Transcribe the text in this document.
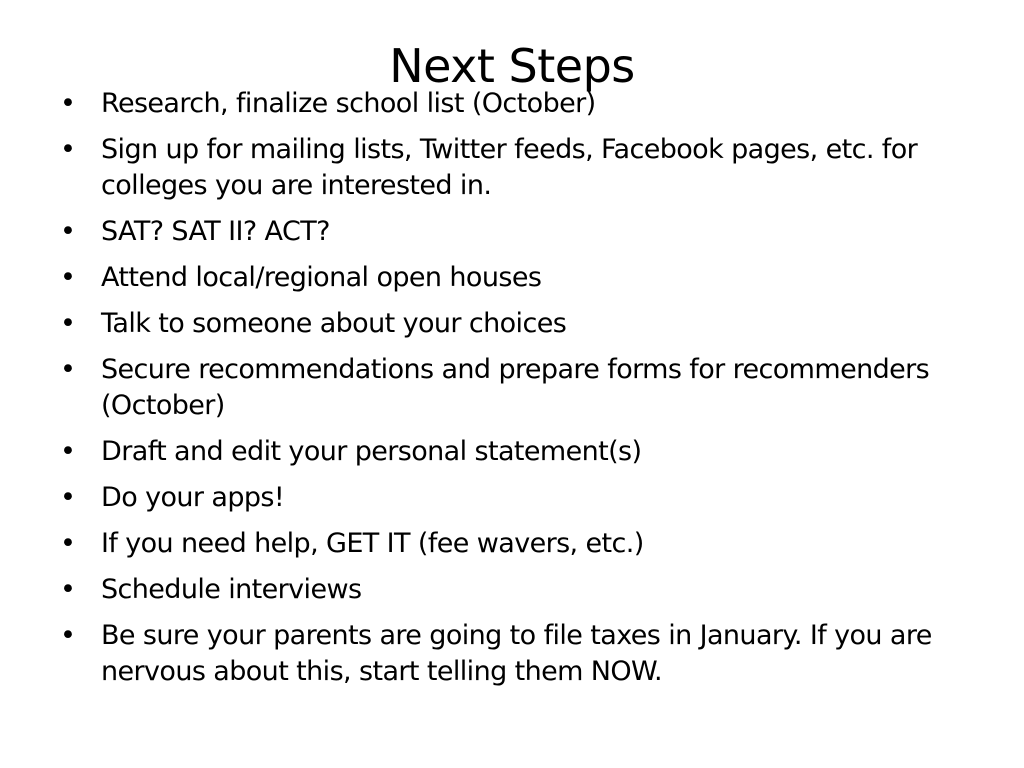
Next Steps
• Research, finalize school list (October)
• Sign up for mailing lists, Twitter feeds, Facebook pages, etc. for colleges you are interested in.
• SAT? SAT II? ACT?
• Attend local/regional open houses
• Talk to someone about your choices
• Secure recommendations and prepare forms for recommenders (October)
• Draft and edit your personal statement(s)
• Do your apps!
• If you need help, GET IT (fee wavers, etc.)
• Schedule interviews
• Be sure your parents are going to file taxes in January. If you are nervous about this, start telling them NOW.
